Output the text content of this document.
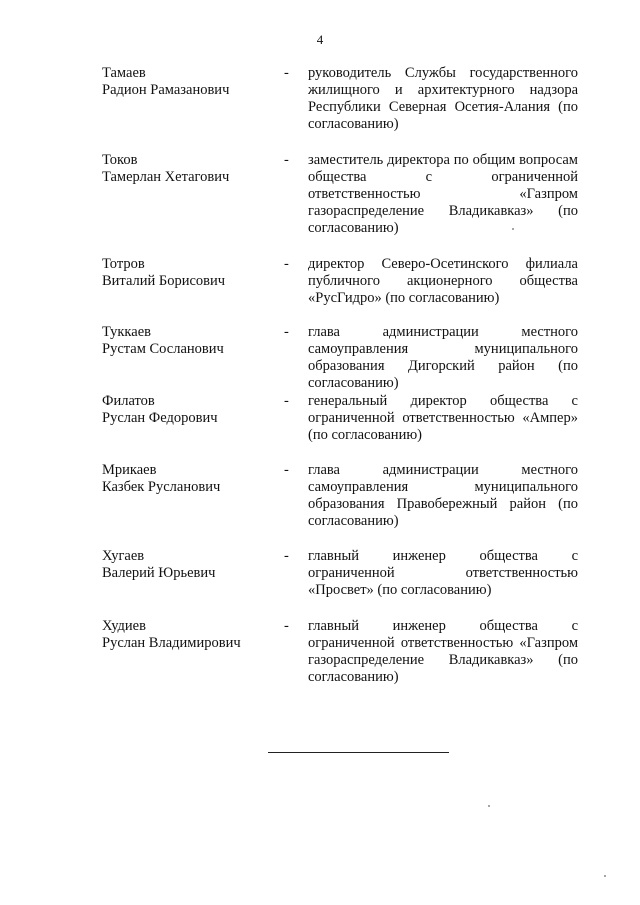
4
Тамаев
Радион Рамазанович
- руководитель Службы государственного жилищного и архитектурного надзора Республики Северная Осетия-Алания (по согласованию)
Токов
Тамерлан Хетагович
- заместитель директора по общим вопросам общества с ограниченной ответственностью «Газпром газораспределение Владикавказ» (по согласованию)
Тотров
Виталий Борисович
- директор Северо-Осетинского филиала публичного акционерного общества «РусГидро» (по согласованию)
Туккаев
Рустам Сосланович
- глава администрации местного самоуправления муниципального образования Дигорский район (по согласованию)
Филатов
Руслан Федорович
- генеральный директор общества с ограниченной ответственностью «Ампер» (по согласованию)
Мрикаев
Казбек Русланович
- глава администрации местного самоуправления муниципального образования Правобережный район (по согласованию)
Хугаев
Валерий Юрьевич
- главный инженер общества с ограниченной ответственностью «Просвет» (по согласованию)
Худиев
Руслан Владимирович
- главный инженер общества с ограниченной ответственностью «Газпром газораспределение Владикавказ» (по согласованию)
